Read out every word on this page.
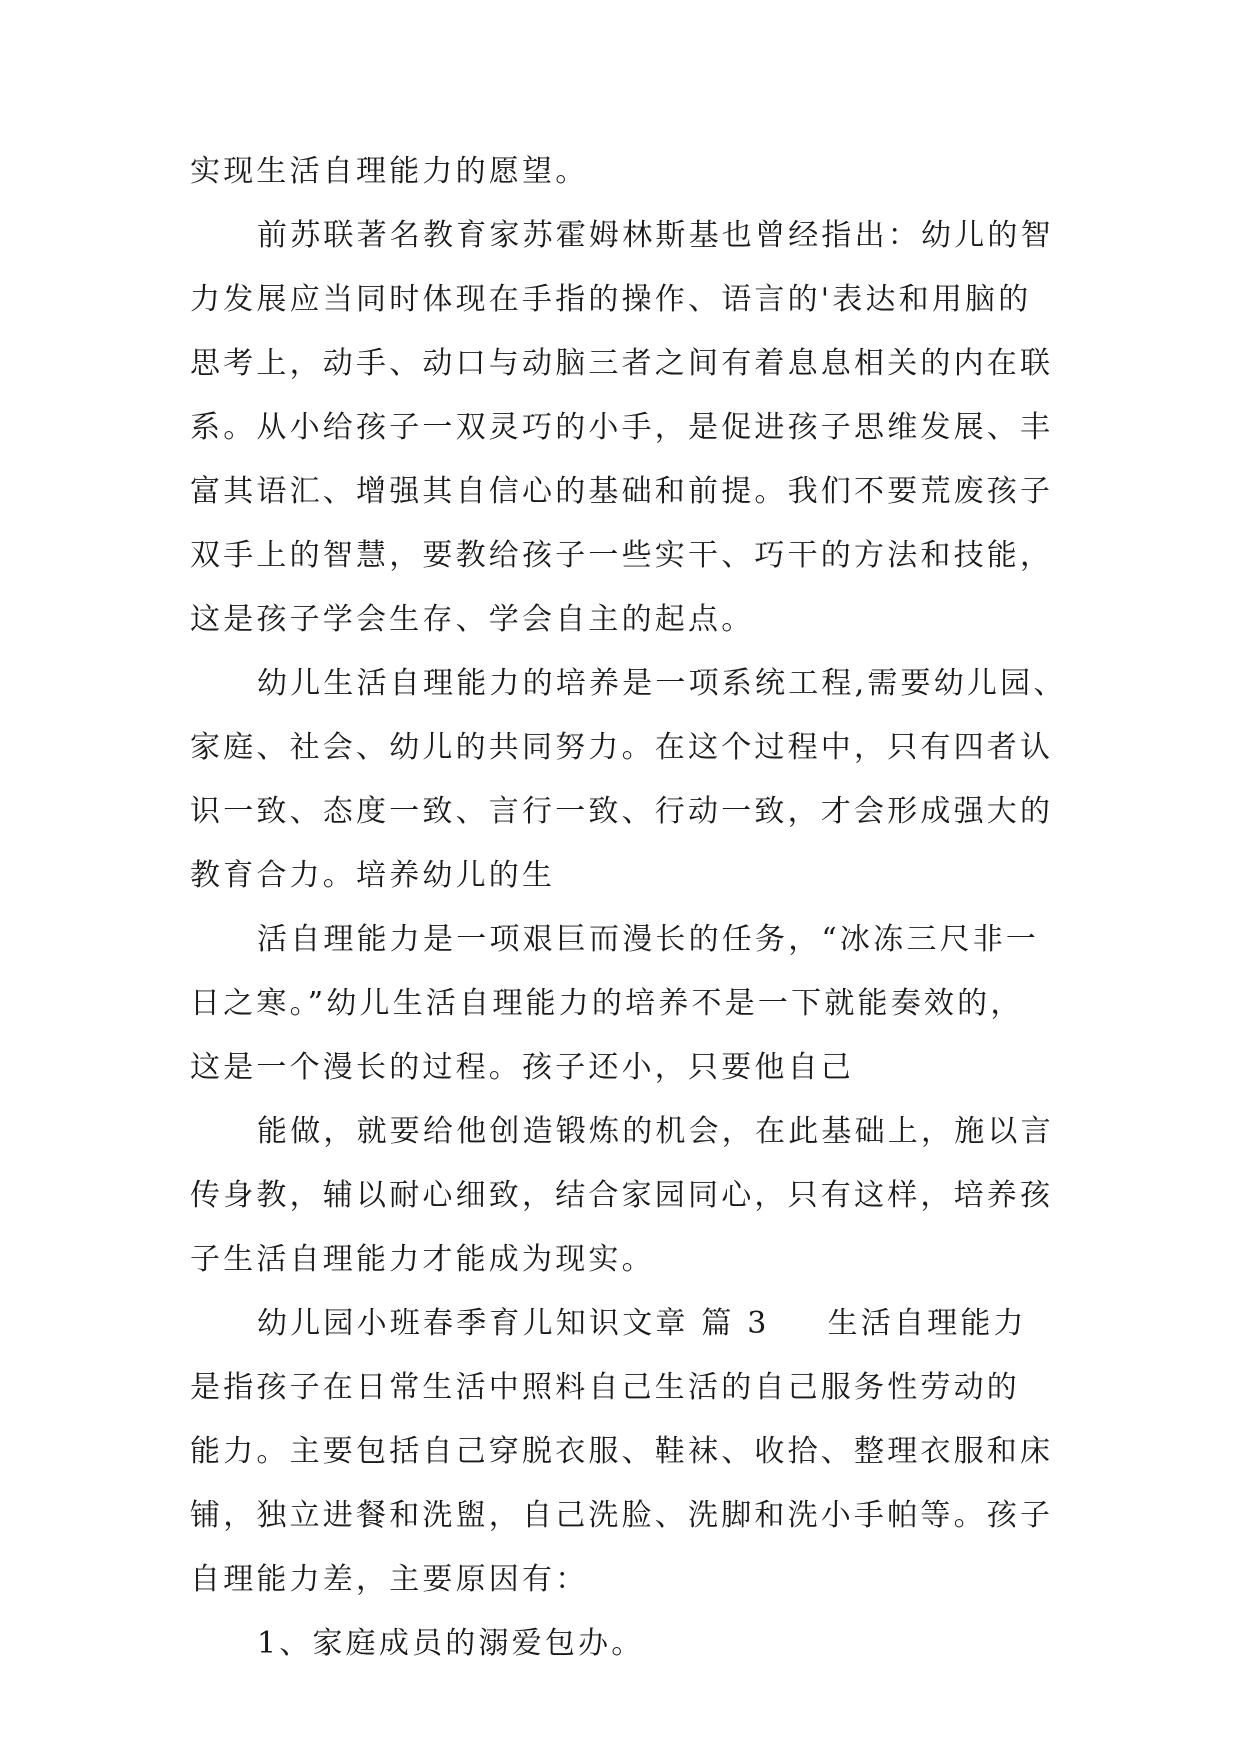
实现生活自理能力的愿望。
前苏联著名教育家苏霍姆林斯基也曾经指出：幼儿的智
力发展应当同时体现在手指的操作、语言的'表达和用脑的
思考上，动手、动口与动脑三者之间有着息息相关的内在联
系。从小给孩子一双灵巧的小手，是促进孩子思维发展、丰
富其语汇、增强其自信心的基础和前提。我们不要荒废孩子
双手上的智慧，要教给孩子一些实干、巧干的方法和技能，
这是孩子学会生存、学会自主的起点。
幼儿生活自理能力的培养是一项系统工程,需要幼儿园、
家庭、社会、幼儿的共同努力。在这个过程中，只有四者认
识一致、态度一致、言行一致、行动一致，才会形成强大的
教育合力。培养幼儿的生
活自理能力是一项艰巨而漫长的任务，“冰冻三尺非一
日之寒。”幼儿生活自理能力的培养不是一下就能奏效的，
这是一个漫长的过程。孩子还小，只要他自己
能做，就要给他创造锻炼的机会，在此基础上，施以言
传身教，辅以耐心细致，结合家园同心，只有这样，培养孩
子生活自理能力才能成为现实。
幼儿园小班春季育儿知识文章 篇 3 生活自理能力
是指孩子在日常生活中照料自己生活的自己服务性劳动的
能力。主要包括自己穿脱衣服、鞋袜、收拾、整理衣服和床
铺，独立进餐和洗盥，自己洗脸、洗脚和洗小手帕等。孩子
自理能力差，主要原因有：
1、家庭成员的溺爱包办。
